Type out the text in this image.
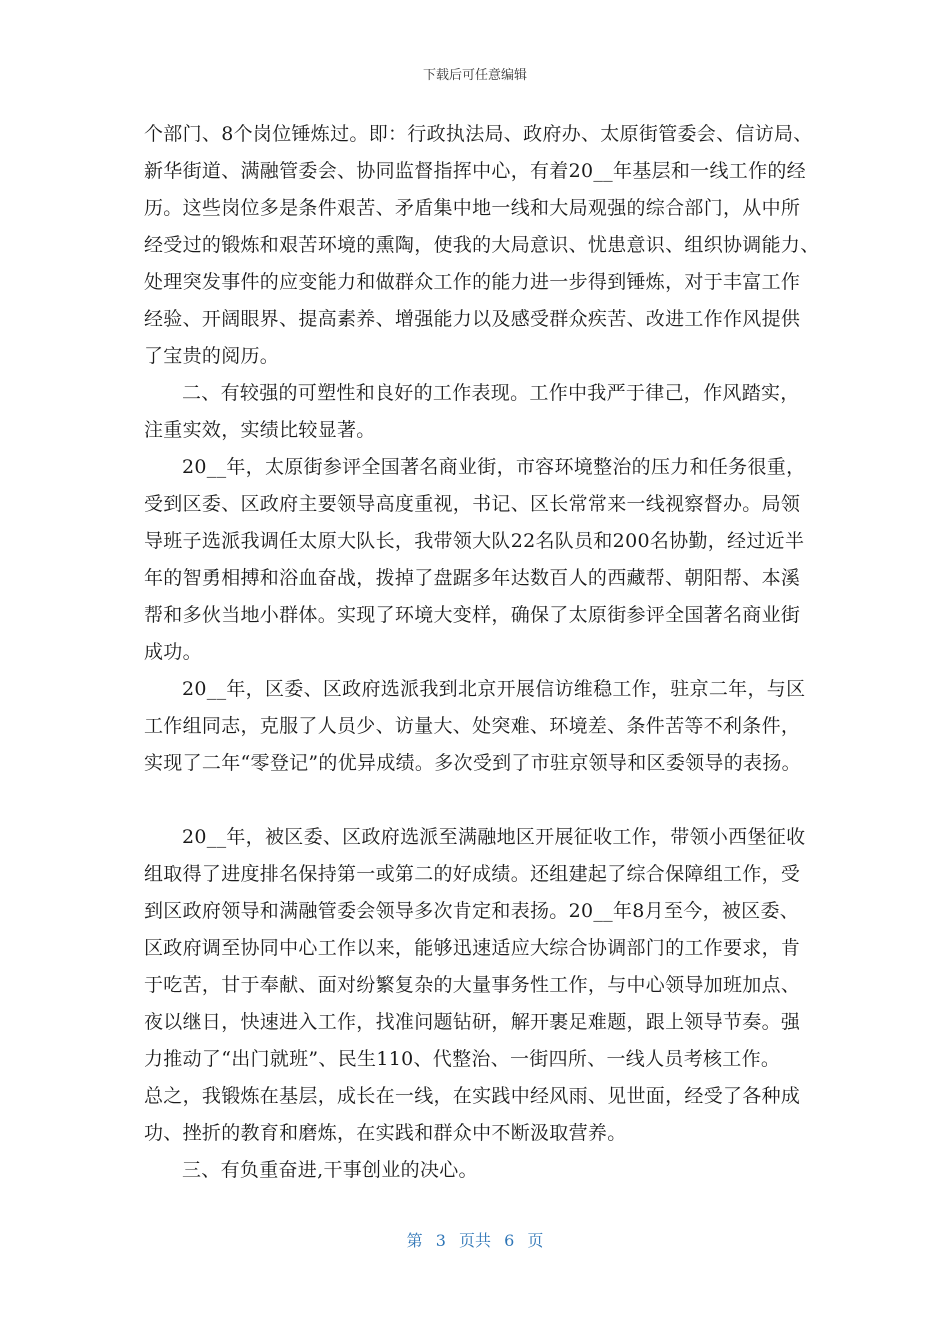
下载后可任意编辑
个部门、8个岗位锤炼过。即：行政执法局、政府办、太原街管委会、信访局、
新华街道、满融管委会、协同监督指挥中心，有着20__年基层和一线工作的经
历。这些岗位多是条件艰苦、矛盾集中地一线和大局观强的综合部门，从中所
经受过的锻炼和艰苦环境的熏陶，使我的大局意识、忧患意识、组织协调能力、
处理突发事件的应变能力和做群众工作的能力进一步得到锤炼，对于丰富工作
经验、开阔眼界、提高素养、增强能力以及感受群众疾苦、改进工作作风提供
了宝贵的阅历。
二、有较强的可塑性和良好的工作表现。工作中我严于律己，作风踏实，
注重实效，实绩比较显著。
20__年，太原街参评全国著名商业街，市容环境整治的压力和任务很重，
受到区委、区政府主要领导高度重视，书记、区长常常来一线视察督办。局领
导班子选派我调任太原大队长，我带领大队22名队员和200名协勤，经过近半
年的智勇相搏和浴血奋战，拨掉了盘踞多年达数百人的西藏帮、朝阳帮、本溪
帮和多伙当地小群体。实现了环境大变样，确保了太原街参评全国著名商业街
成功。
20__年，区委、区政府选派我到北京开展信访维稳工作，驻京二年，与区
工作组同志，克服了人员少、访量大、处突难、环境差、条件苦等不利条件，
实现了二年“零登记”的优异成绩。多次受到了市驻京领导和区委领导的表扬。
20__年，被区委、区政府选派至满融地区开展征收工作，带领小西堡征收
组取得了进度排名保持第一或第二的好成绩。还组建起了综合保障组工作，受
到区政府领导和满融管委会领导多次肯定和表扬。20__年8月至今，被区委、
区政府调至协同中心工作以来，能够迅速适应大综合协调部门的工作要求，肯
于吃苦，甘于奉献、面对纷繁复杂的大量事务性工作，与中心领导加班加点、
夜以继日，快速进入工作，找准问题钻研，解开裹足难题，跟上领导节奏。强
力推动了“出门就班”、民生110、代整治、一街四所、一线人员考核工作。
总之，我锻炼在基层，成长在一线，在实践中经风雨、见世面，经受了各种成
功、挫折的教育和磨炼，在实践和群众中不断汲取营养。
三、有负重奋进,干事创业的决心。
第 3 页共 6 页
